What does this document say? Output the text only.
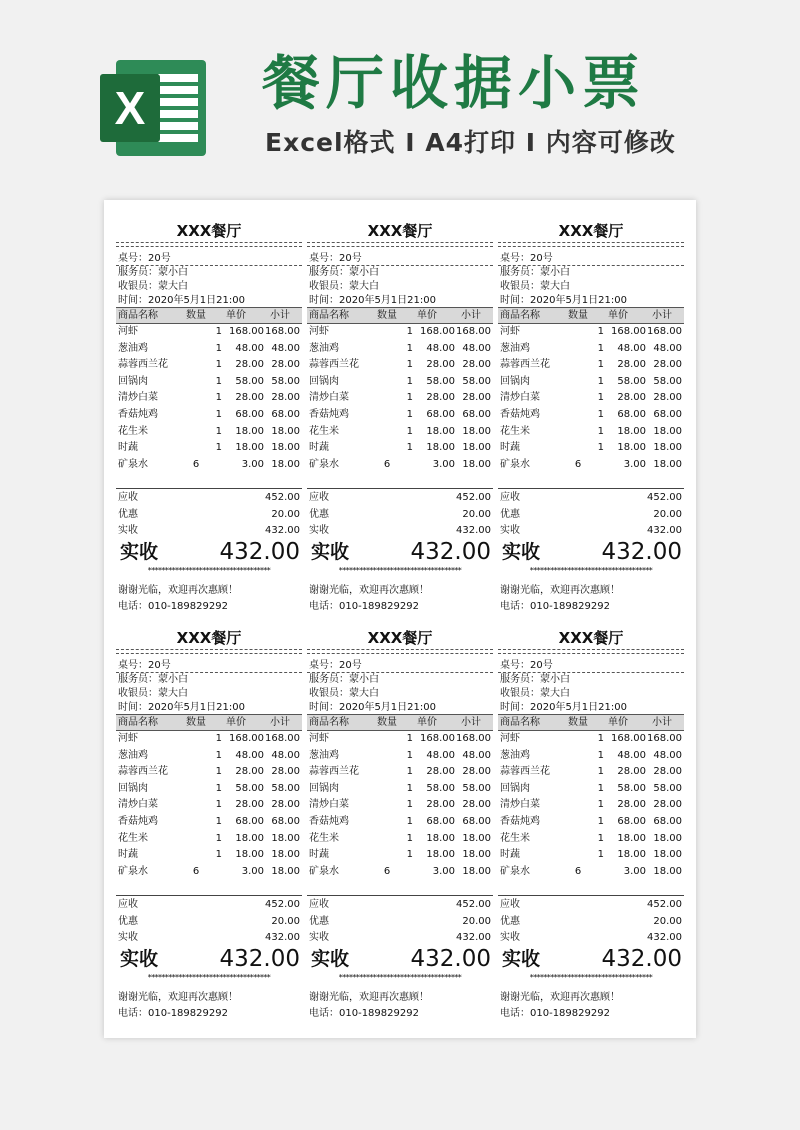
X 餐厅收据小票
Excel格式 I A4打印 I 内容可修改
XXX餐厅
桌号：20号
服务员：蒙小白
收银员：蒙大白
时间：2020年5月1日21:00
商品名称	数量	单价	小计
河虾	1 168.00 168.00
葱油鸡	1	48.00 48.00
蒜蓉西兰花	1	28.00 28.00
回锅肉	1	58.00 58.00
清炒白菜	1	28.00 28.00
香菇炖鸡	1	68.00 68.00
花生米	1	18.00 18.00
时蔬	1	18.00 18.00
矿泉水	6	3.00 18.00
应收	452.00
优惠	20.00
实收	432.00
实收	432.00
************************************
谢谢光临，欢迎再次惠顾！
电话：010-189829292
XXX餐厅
桌号：20号
服务员：蒙小白
收银员：蒙大白
时间：2020年5月1日21:00
商品名称	数量	单价	小计
河虾	1 168.00 168.00
葱油鸡	1	48.00 48.00
蒜蓉西兰花	1	28.00 28.00
回锅肉	1	58.00 58.00
清炒白菜	1	28.00 28.00
香菇炖鸡	1	68.00 68.00
花生米	1	18.00 18.00
时蔬	1	18.00 18.00
矿泉水	6	3.00 18.00
应收	452.00
优惠	20.00
实收	432.00
实收	432.00
************************************
谢谢光临，欢迎再次惠顾！
电话：010-189829292
XXX餐厅
桌号：20号
服务员：蒙小白
收银员：蒙大白
时间：2020年5月1日21:00
商品名称	数量	单价	小计
河虾	1 168.00 168.00
葱油鸡	1	48.00 48.00
蒜蓉西兰花	1	28.00 28.00
回锅肉	1	58.00 58.00
清炒白菜	1	28.00 28.00
香菇炖鸡	1	68.00 68.00
花生米	1	18.00 18.00
时蔬	1	18.00 18.00
矿泉水	6	3.00 18.00
应收	452.00
优惠	20.00
实收	432.00
实收	432.00
************************************
谢谢光临，欢迎再次惠顾！
电话：010-189829292
XXX餐厅
桌号：20号
服务员：蒙小白
收银员：蒙大白
时间：2020年5月1日21:00
商品名称	数量	单价	小计
河虾	1 168.00 168.00
葱油鸡	1	48.00 48.00
蒜蓉西兰花	1	28.00 28.00
回锅肉	1	58.00 58.00
清炒白菜	1	28.00 28.00
香菇炖鸡	1	68.00 68.00
花生米	1	18.00 18.00
时蔬	1	18.00 18.00
矿泉水	6	3.00 18.00
应收	452.00
优惠	20.00
实收	432.00
实收	432.00
************************************
谢谢光临，欢迎再次惠顾！
电话：010-189829292
XXX餐厅
桌号：20号
服务员：蒙小白
收银员：蒙大白
时间：2020年5月1日21:00
商品名称	数量	单价	小计
河虾	1 168.00 168.00
葱油鸡	1	48.00 48.00
蒜蓉西兰花	1	28.00 28.00
回锅肉	1	58.00 58.00
清炒白菜	1	28.00 28.00
香菇炖鸡	1	68.00 68.00
花生米	1	18.00 18.00
时蔬	1	18.00 18.00
矿泉水	6	3.00 18.00
应收	452.00
优惠	20.00
实收	432.00
实收	432.00
************************************
谢谢光临，欢迎再次惠顾！
电话：010-189829292
XXX餐厅
桌号：20号
服务员：蒙小白
收银员：蒙大白
时间：2020年5月1日21:00
商品名称	数量	单价	小计
河虾	1 168.00 168.00
葱油鸡	1	48.00 48.00
蒜蓉西兰花	1	28.00 28.00
回锅肉	1	58.00 58.00
清炒白菜	1	28.00 28.00
香菇炖鸡	1	68.00 68.00
花生米	1	18.00 18.00
时蔬	1	18.00 18.00
矿泉水	6	3.00 18.00
应收	452.00
优惠	20.00
实收	432.00
实收	432.00
************************************
谢谢光临，欢迎再次惠顾！
电话：010-189829292
